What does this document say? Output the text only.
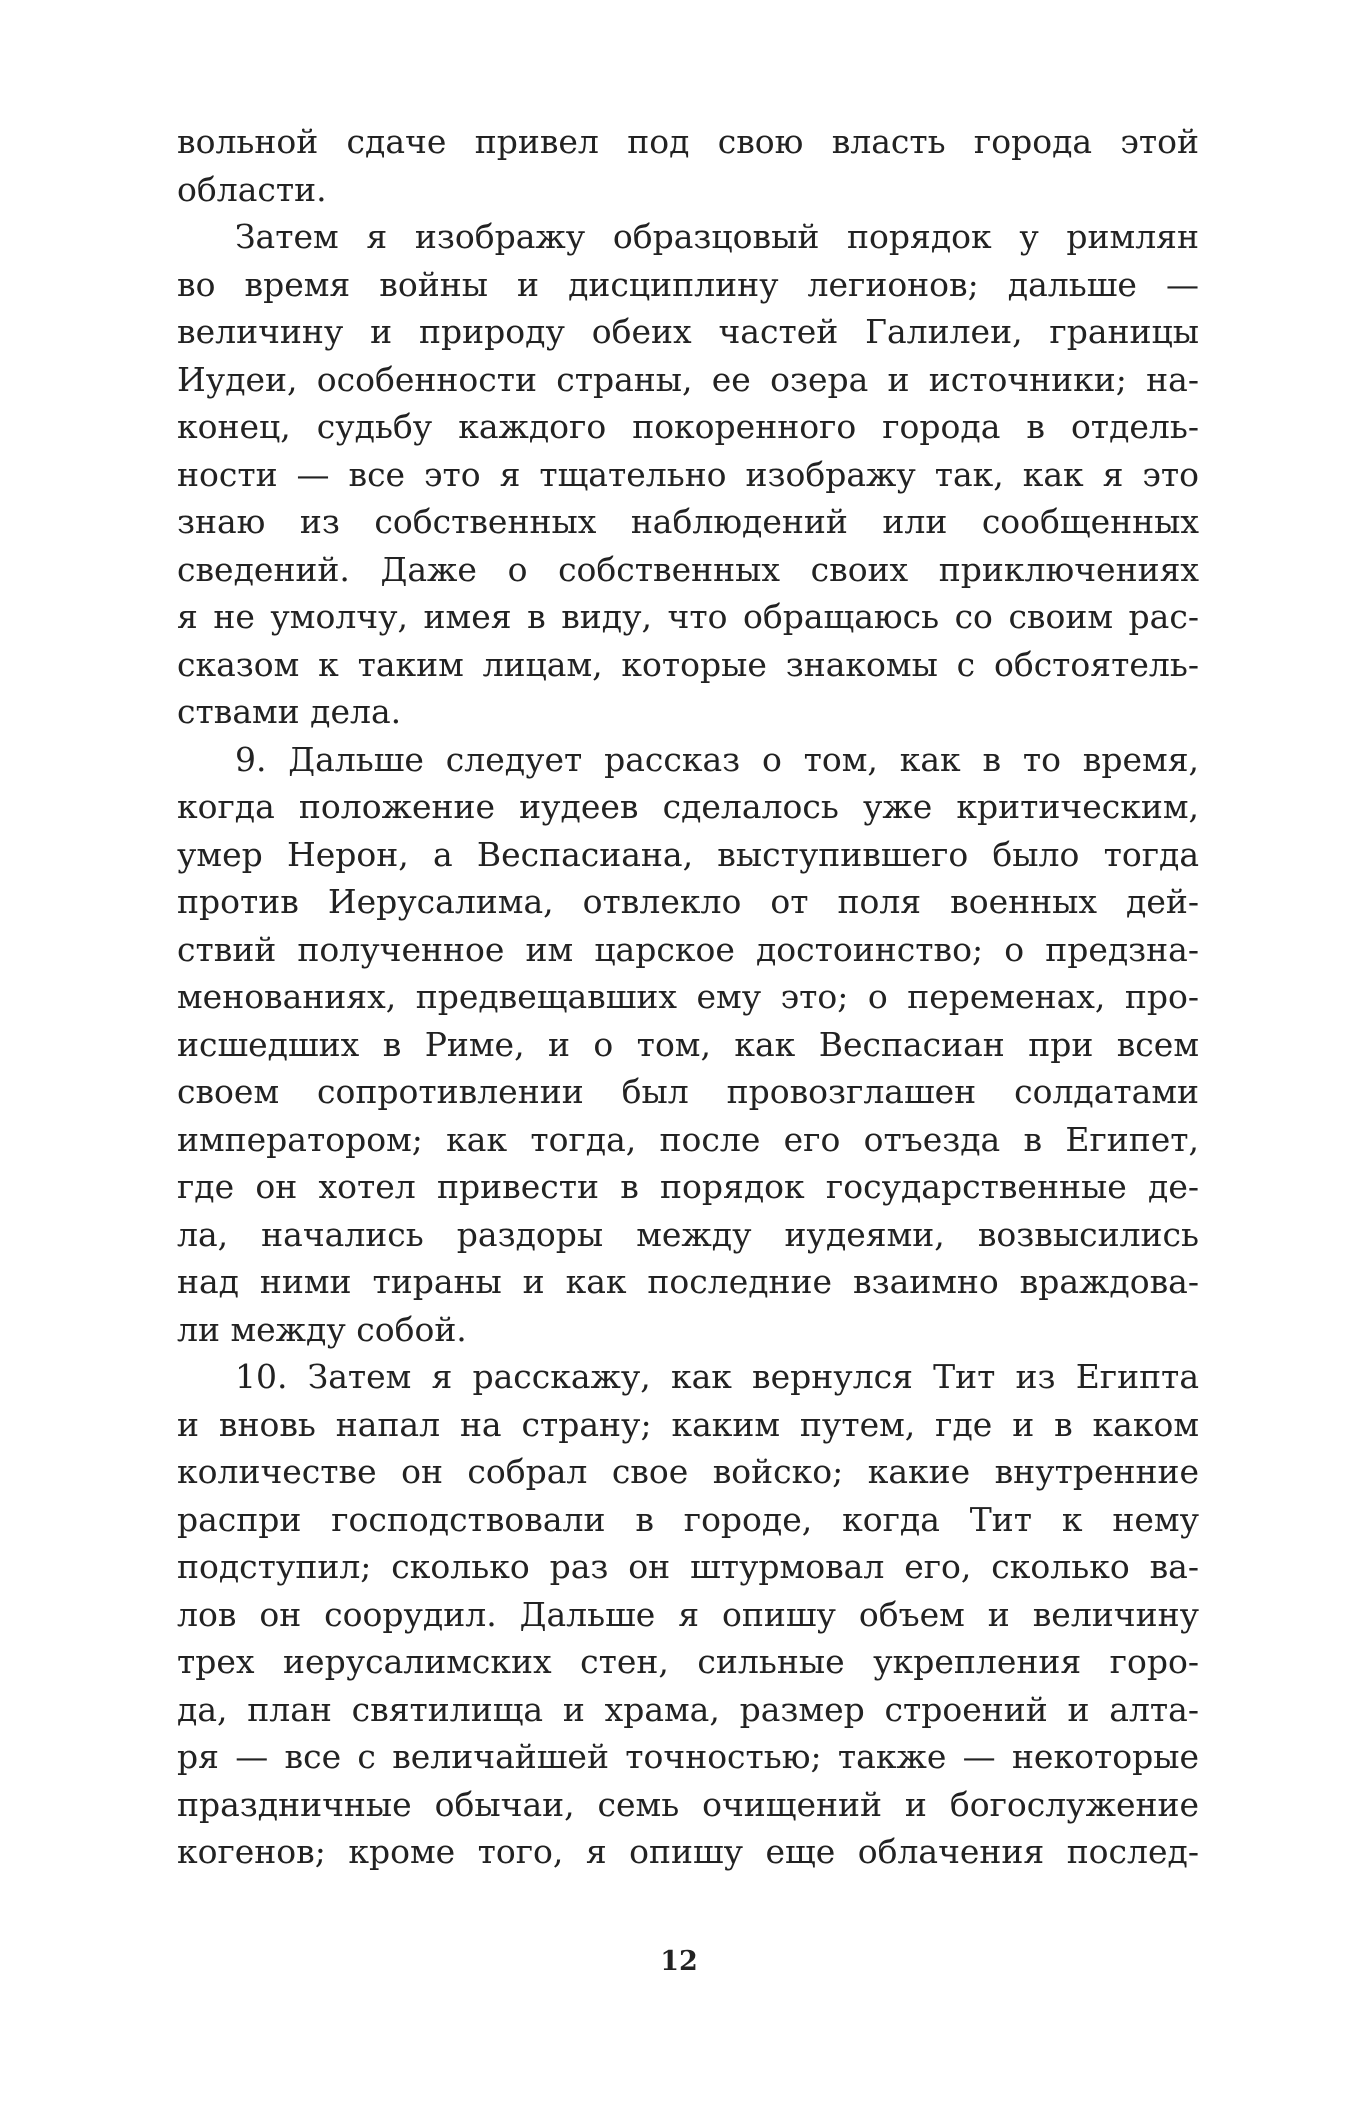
вольной сдаче привел под свою власть города этой
области.
Затем я изображу образцовый порядок у римлян
во время войны и дисциплину легионов; дальше —
величину и природу обеих частей Галилеи, границы
Иудеи, особенности страны, ее озера и источники; на-
конец, судьбу каждого покоренного города в отдель-
ности — все это я тщательно изображу так, как я это
знаю из собственных наблюдений или сообщенных
сведений. Даже о собственных своих приключениях
я не умолчу, имея в виду, что обращаюсь со своим рас-
сказом к таким лицам, которые знакомы с обстоятель-
ствами дела.
9. Дальше следует рассказ о том, как в то время,
когда положение иудеев сделалось уже критическим,
умер Нерон, а Веспасиана, выступившего было тогда
против Иерусалима, отвлекло от поля военных дей-
ствий полученное им царское достоинство; о предзна-
менованиях, предвещавших ему это; о переменах, про-
исшедших в Риме, и о том, как Веспасиан при всем
своем сопротивлении был провозглашен солдатами
императором; как тогда, после его отъезда в Египет,
где он хотел привести в порядок государственные де-
ла, начались раздоры между иудеями, возвысились
над ними тираны и как последние взаимно враждова-
ли между собой.
10. Затем я расскажу, как вернулся Тит из Египта
и вновь напал на страну; каким путем, где и в каком
количестве он собрал свое войско; какие внутренние
распри господствовали в городе, когда Тит к нему
подступил; сколько раз он штурмовал его, сколько ва-
лов он соорудил. Дальше я опишу объем и величину
трех иерусалимских стен, сильные укрепления горо-
да, план святилища и храма, размер строений и алта-
ря — все с величайшей точностью; также — некоторые
праздничные обычаи, семь очищений и богослужение
когенов; кроме того, я опишу еще облачения послед-
12
